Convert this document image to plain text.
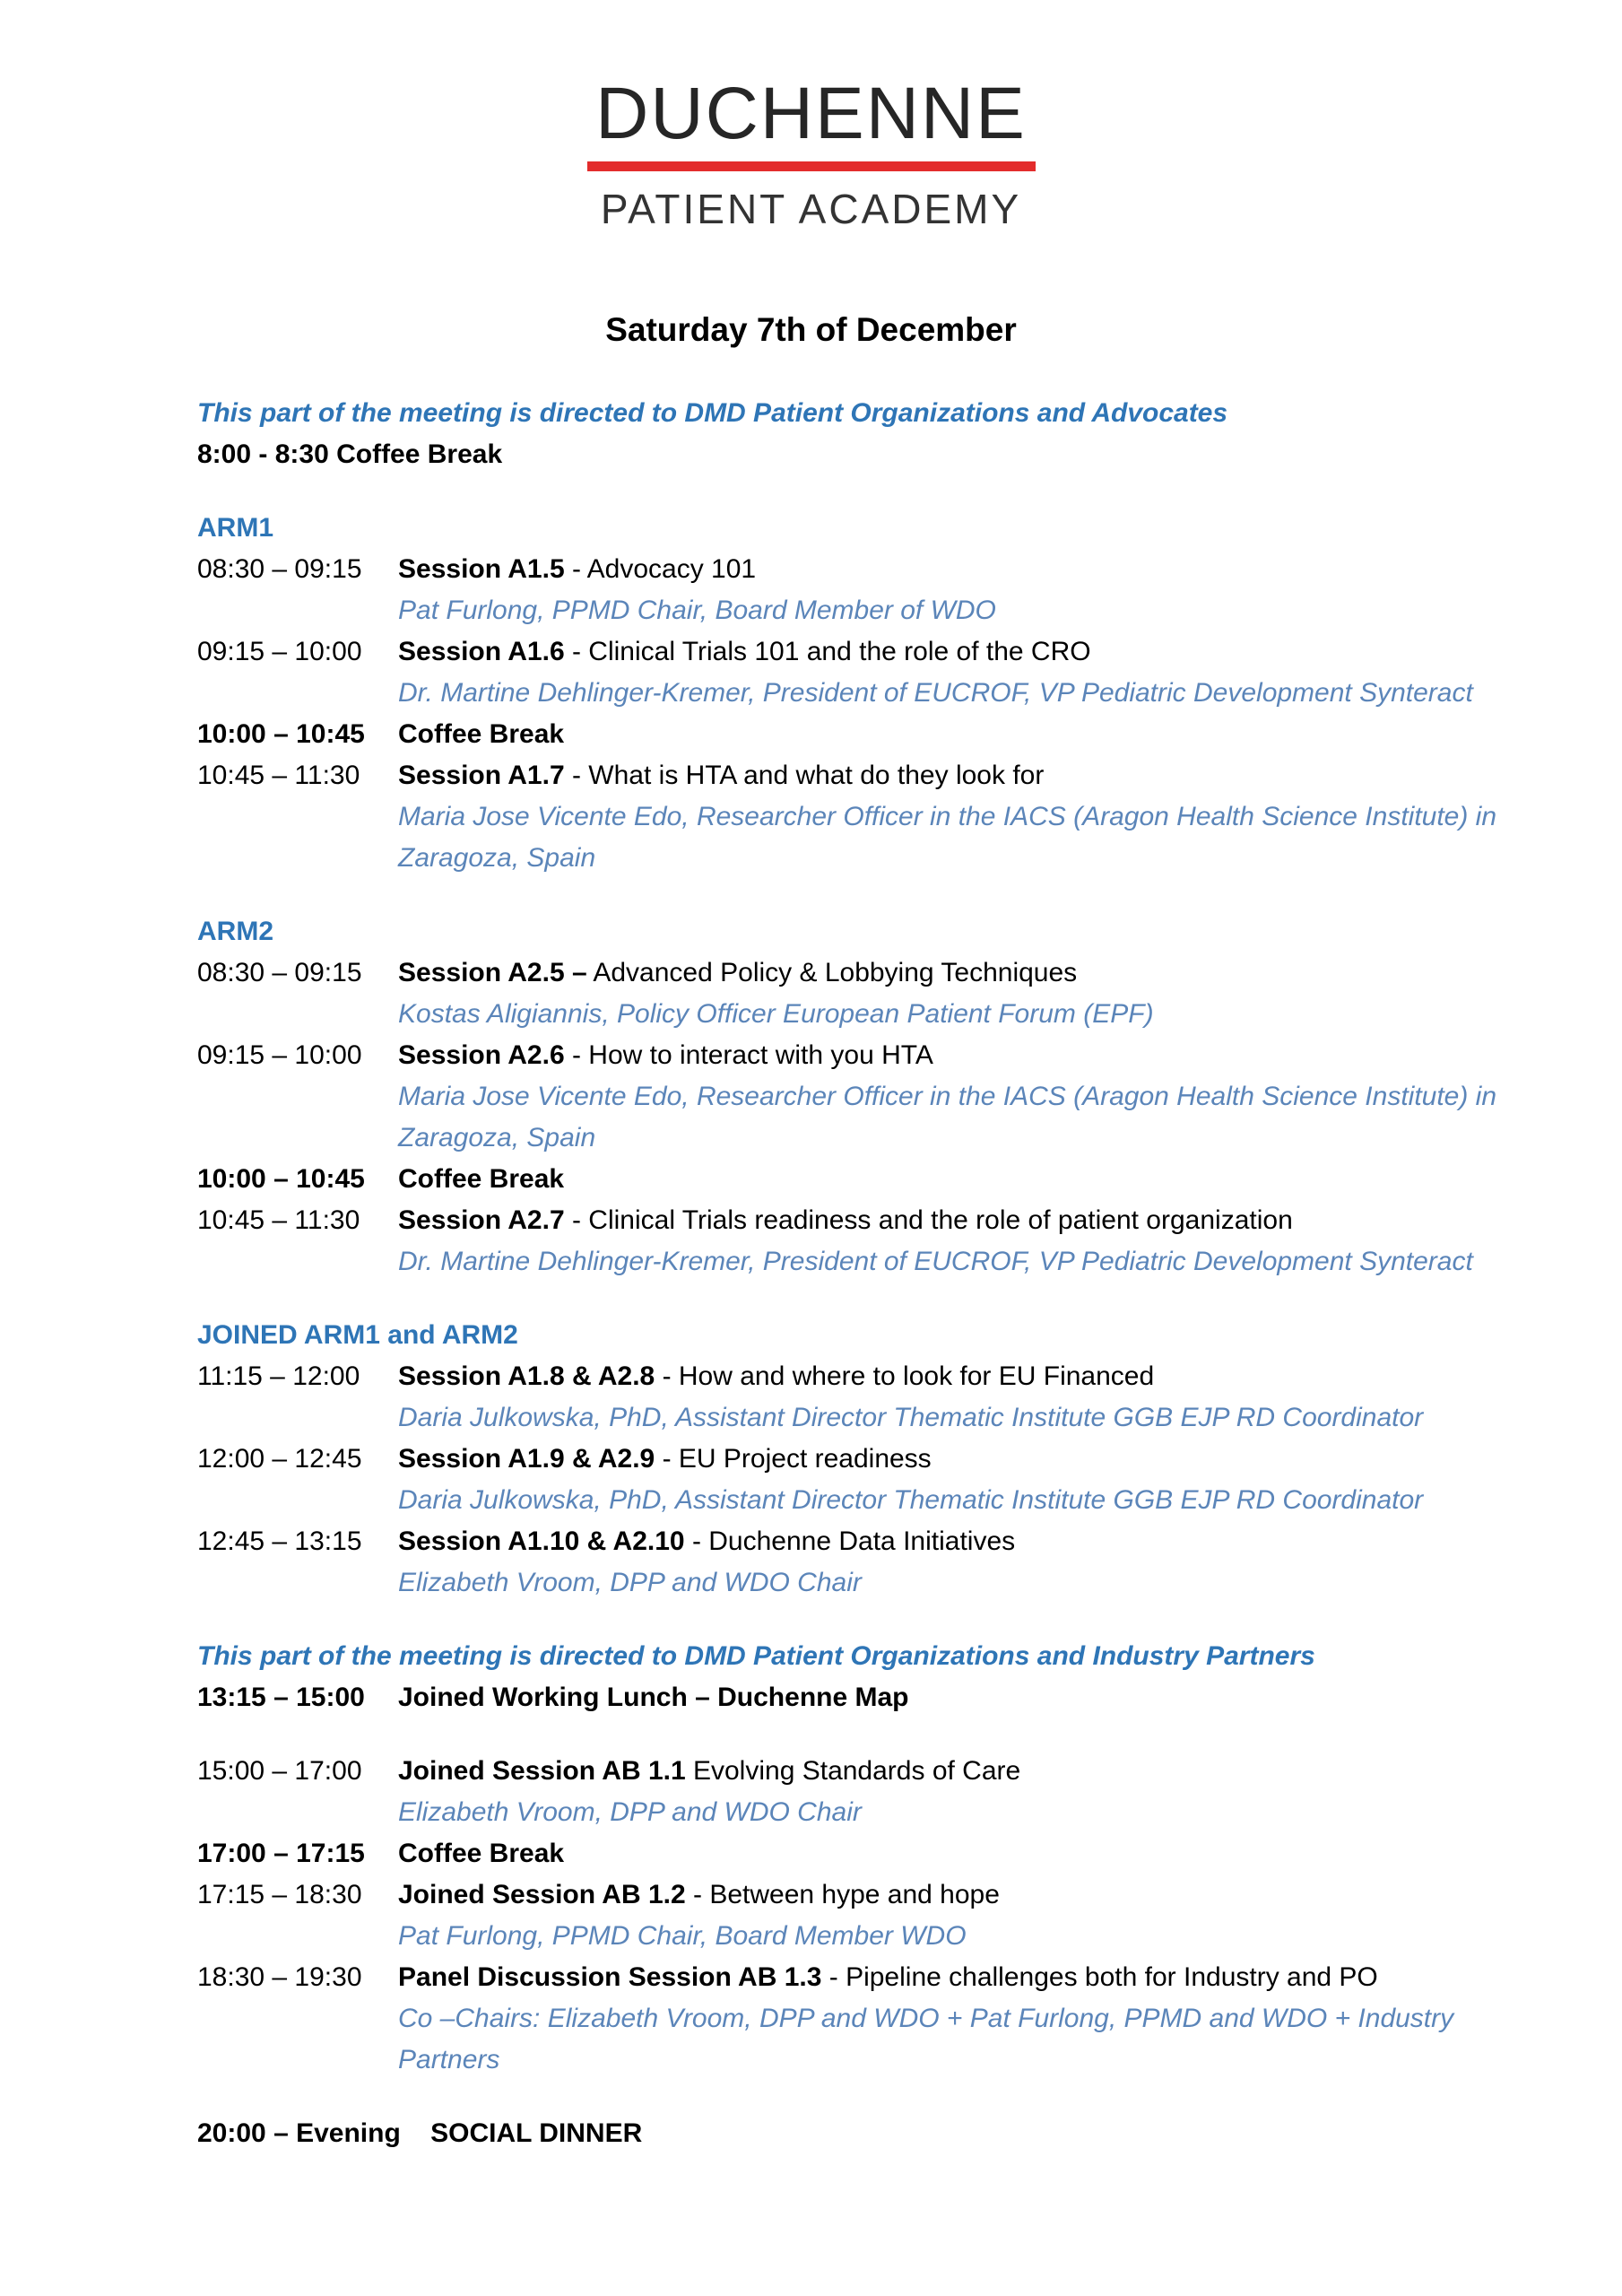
DUCHENNE
PATIENT ACADEMY
Saturday 7th of December
This part of the meeting is directed to DMD Patient Organizations and Advocates
8:00 - 8:30 Coffee Break
ARM1
08:30 – 09:15 Session A1.5 - Advocacy 101
Pat Furlong, PPMD Chair, Board Member of WDO
09:15 – 10:00 Session A1.6 - Clinical Trials 101 and the role of the CRO
Dr. Martine Dehlinger-Kremer, President of EUCROF, VP Pediatric Development Synteract
10:00 – 10:45 Coffee Break
10:45 – 11:30 Session A1.7 - What is HTA and what do they look for
Maria Jose Vicente Edo, Researcher Officer in the IACS (Aragon Health Science Institute) in
Zaragoza, Spain
ARM2
08:30 – 09:15 Session A2.5 – Advanced Policy & Lobbying Techniques
Kostas Aligiannis, Policy Officer European Patient Forum (EPF)
09:15 – 10:00 Session A2.6 - How to interact with you HTA
Maria Jose Vicente Edo, Researcher Officer in the IACS (Aragon Health Science Institute) in
Zaragoza, Spain
10:00 – 10:45 Coffee Break
10:45 – 11:30 Session A2.7 - Clinical Trials readiness and the role of patient organization
Dr. Martine Dehlinger-Kremer, President of EUCROF, VP Pediatric Development Synteract
JOINED ARM1 and ARM2
11:15 – 12:00 Session A1.8 & A2.8 - How and where to look for EU Financed
Daria Julkowska, PhD, Assistant Director Thematic Institute GGB EJP RD Coordinator
12:00 – 12:45 Session A1.9 & A2.9 - EU Project readiness
Daria Julkowska, PhD, Assistant Director Thematic Institute GGB EJP RD Coordinator
12:45 – 13:15 Session A1.10 & A2.10 - Duchenne Data Initiatives
Elizabeth Vroom, DPP and WDO Chair
This part of the meeting is directed to DMD Patient Organizations and Industry Partners
13:15 – 15:00 Joined Working Lunch – Duchenne Map
15:00 – 17:00 Joined Session AB 1.1 Evolving Standards of Care
Elizabeth Vroom, DPP and WDO Chair
17:00 – 17:15 Coffee Break
17:15 – 18:30 Joined Session AB 1.2 - Between hype and hope
Pat Furlong, PPMD Chair, Board Member WDO
18:30 – 19:30 Panel Discussion Session AB 1.3 - Pipeline challenges both for Industry and PO
Co –Chairs: Elizabeth Vroom, DPP and WDO + Pat Furlong, PPMD and WDO + Industry
Partners
20:00 – Evening SOCIAL DINNER
